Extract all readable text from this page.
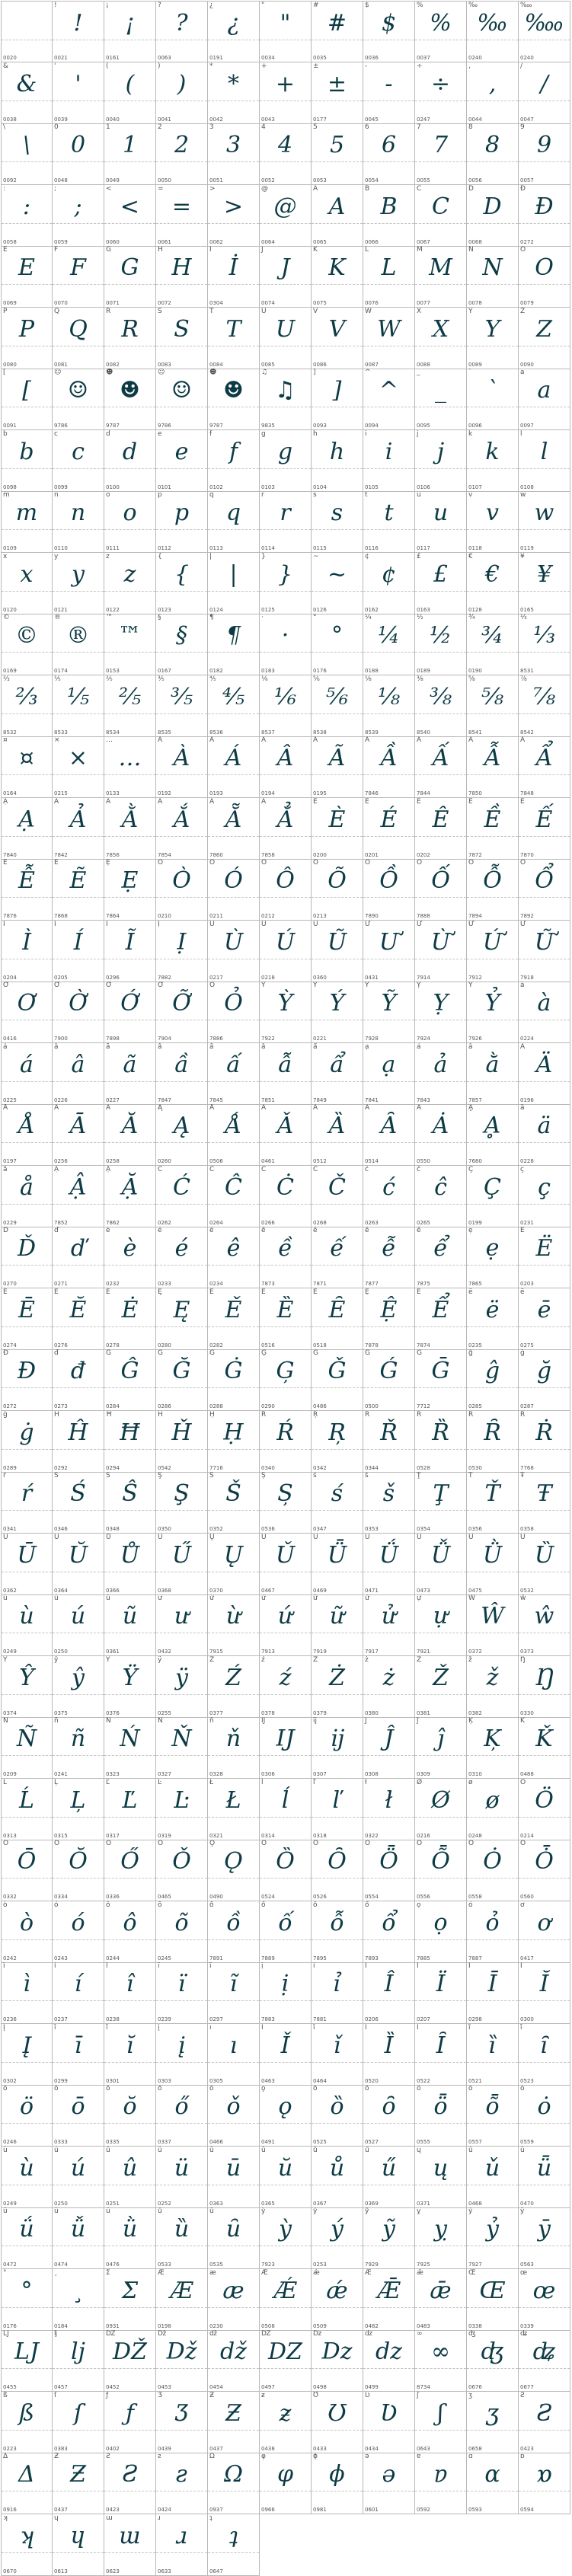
0020
!
!
0021
¡
¡
0161
?
?
0063
¿
¿
0191
"
"
0034
#
#
0035
$
$
0036
%
%
0037
‰
‰
0240
‱
‱
0240
&
&
0038
'
'
0039
(
(
0040
)
)
0041
*
*
0042
+
+
0043
±
±
0177
-
-
0045
÷
÷
0247
,
,
0044
/
/
0047
\
\
0092
0
0
0048
1
1
0049
2
2
0050
3
3
0051
4
4
0052
5
5
0053
6
6
0054
7
7
0055
8
8
0056
9
9
0057
:
:
0058
;
;
0059
<
<
0060
=
=
0061
>
>
0062
@
@
0064
A
A
0065
B
B
0066
C
C
0067
D
D
0068
Đ
Đ
0272
E
E
0069
F
F
0070
G
G
0071
H
H
0072
İ
İ
0304
J
J
0074
K
K
0075
L
L
0076
M
M
0077
N
N
0078
O
O
0079
P
P
0080
Q
Q
0081
R
R
0082
S
S
0083
T
T
0084
U
U
0085
V
V
0086
W
W
0087
X
X
0088
Y
Y
0089
Z
Z
0090
[
[
0091
☺
☺
9786
☻
☻
9787
☺
☺
9786
☻
☻
9787
♫
♫
9835
]
]
0093
^
^
0094
_
_
0095
`
`
0096
a
a
0097
b
b
0098
c
c
0099
d
d
0100
e
e
0101
f
f
0102
g
g
0103
h
h
0104
i
i
0105
j
j
0106
k
k
0107
l
l
0108
m
m
0109
n
n
0110
o
o
0111
p
p
0112
q
q
0113
r
r
0114
s
s
0115
t
t
0116
u
u
0117
v
v
0118
w
w
0119
x
x
0120
y
y
0121
z
z
0122
{
{
0123
|
|
0124
}
}
0125
~
~
0126
¢
¢
0162
£
£
0163
€
€
0128
¥
¥
0165
©
©
0169
®
®
0174
™
™
0153
§
§
0167
¶
¶
0182
·
·
0183
°
°
0176
¼
¼
0188
½
½
0189
¾
¾
0190
⅓
⅓
8531
⅔
⅔
8532
⅕
⅕
8533
⅖
⅖
8534
⅗
⅗
8535
⅘
⅘
8536
⅙
⅙
8537
⅚
⅚
8538
⅛
⅛
8539
⅜
⅜
8540
⅝
⅝
8541
⅞
⅞
8542
¤
¤
0164
×
×
0215
…
…
0133
À
À
0192
Á
Á
0193
Â
Â
0194
Ã
Ã
0195
Ầ
Ầ
7846
Ấ
Ấ
7844
Ẫ
Ẫ
7850
Ẩ
Ẩ
7848
Ạ
Ạ
7840
Ả
Ả
7842
Ằ
Ằ
7856
Ắ
Ắ
7854
Ẵ
Ẵ
7860
Ẳ
Ẳ
7858
È
È
0200
É
É
0201
Ê
Ê
0202
Ề
Ề
7872
Ế
Ế
7870
Ễ
Ễ
7876
Ẽ
Ẽ
7868
Ẹ
Ẹ
7864
Ò
Ò
0210
Ó
Ó
0211
Ô
Ô
0212
Õ
Õ
0213
Ồ
Ồ
7890
Ố
Ố
7888
Ỗ
Ỗ
7894
Ổ
Ổ
7892
Ì
Ì
0204
Í
Í
0205
Ĩ
Ĩ
0296
Ị
Ị
7882
Ù
Ù
0217
Ú
Ú
0218
Ũ
Ũ
0360
Ư
Ư
0431
Ừ
Ừ
7914
Ứ
Ứ
7912
Ữ
Ữ
7918
Ơ
Ơ
0416
Ờ
Ờ
7900
Ớ
Ớ
7898
Ỡ
Ỡ
7904
Ỏ
Ỏ
7886
Ỳ
Ỳ
7922
Ý
Ý
0221
Ỹ
Ỹ
7928
Ỵ
Ỵ
7924
Ỷ
Ỷ
7926
à
à
0224
á
á
0225
â
â
0226
ã
ã
0227
ầ
ầ
7847
ấ
ấ
7845
ẫ
ẫ
7851
ẩ
ẩ
7849
ạ
ạ
7841
ả
ả
7843
ằ
ằ
7857
Ä
Ä
0196
Å
Å
0197
Ā
Ā
0256
Ă
Ă
0258
Ą
Ą
0260
Ǻ
Ǻ
0506
Ǎ
Ǎ
0461
Ȁ
Ȁ
0512
Ȃ
Ȃ
0514
Ȧ
Ȧ
0550
Ḁ
Ḁ
7680
ä
ä
0228
å
å
0229
Ậ
Ậ
7852
Ặ
Ặ
7862
Ć
Ć
0262
Ĉ
Ĉ
0264
Ċ
Ċ
0266
Č
Č
0268
ć
ć
0263
ĉ
ĉ
0265
Ç
Ç
0199
ç
ç
0231
Ď
Ď
0270
ď
ď
0271
è
è
0232
é
é
0233
ê
ê
0234
ề
ề
7873
ế
ế
7871
ễ
ễ
7877
ể
ể
7875
ẹ
ẹ
7865
Ë
Ë
0203
Ē
Ē
0274
Ĕ
Ĕ
0276
Ė
Ė
0278
Ę
Ę
0280
Ě
Ě
0282
Ȅ
Ȅ
0516
Ȇ
Ȇ
0518
Ệ
Ệ
7878
Ể
Ể
7874
ë
ë
0235
ē
ē
0275
Đ
Đ
0272
đ
đ
0273
Ĝ
Ĝ
0284
Ğ
Ğ
0286
Ġ
Ġ
0288
Ģ
Ģ
0290
Ǧ
Ǧ
0486
Ǵ
Ǵ
0500
Ḡ
Ḡ
7712
ĝ
ĝ
0285
ğ
ğ
0287
ġ
ġ
0289
Ĥ
Ĥ
0292
Ħ
Ħ
0294
Ȟ
Ȟ
0542
Ḥ
Ḥ
7716
Ŕ
Ŕ
0340
Ŗ
Ŗ
0342
Ř
Ř
0344
Ȑ
Ȑ
0528
Ȓ
Ȓ
0530
Ṙ
Ṙ
7768
ŕ
ŕ
0341
Ś
Ś
0346
Ŝ
Ŝ
0348
Ş
Ş
0350
Š
Š
0352
Ș
Ș
0536
ś
ś
0347
š
š
0353
Ţ
Ţ
0354
Ť
Ť
0356
Ŧ
Ŧ
0358
Ū
Ū
0362
Ŭ
Ŭ
0364
Ů
Ů
0366
Ű
Ű
0368
Ų
Ų
0370
Ǔ
Ǔ
0467
Ǖ
Ǖ
0469
Ǘ
Ǘ
0471
Ǚ
Ǚ
0473
Ǜ
Ǜ
0475
Ȕ
Ȕ
0532
ù
ù
0249
ú
ú
0250
ũ
ũ
0361
ư
ư
0432
ừ
ừ
7915
ứ
ứ
7913
ữ
ữ
7919
ử
ử
7917
ự
ự
7921
Ŵ
Ŵ
0372
ŵ
ŵ
0373
Ŷ
Ŷ
0374
ŷ
ŷ
0375
Ÿ
Ÿ
0376
ÿ
ÿ
0255
Ź
Ź
0377
ź
ź
0378
Ż
Ż
0379
ż
ż
0380
Ž
Ž
0381
ž
ž
0382
Ŋ
Ŋ
0330
Ñ
Ñ
0209
ñ
ñ
0241
Ń
Ń
0323
Ň
Ň
0327
ň
ň
0328
Ĳ
Ĳ
0306
ĳ
ĳ
0307
Ĵ
Ĵ
0308
ĵ
ĵ
0309
Ķ
Ķ
0310
Ǩ
Ǩ
0488
Ĺ
Ĺ
0313
Ļ
Ļ
0315
Ľ
Ľ
0317
Ŀ
Ŀ
0319
Ł
Ł
0321
ĺ
ĺ
0314
ľ
ľ
0318
ł
ł
0322
Ø
Ø
0216
ø
ø
0248
Ö
Ö
0214
Ō
Ō
0332
Ŏ
Ŏ
0334
Ő
Ő
0336
Ǒ
Ǒ
0465
Ǫ
Ǫ
0490
Ȍ
Ȍ
0524
Ȏ
Ȏ
0526
Ȫ
Ȫ
0554
Ȭ
Ȭ
0556
Ȯ
Ȯ
0558
Ȱ
Ȱ
0560
ò
ò
0242
ó
ó
0243
ô
ô
0244
õ
õ
0245
ồ
ồ
7891
ố
ố
7889
ỗ
ỗ
7895
ổ
ổ
7893
ọ
ọ
7885
ỏ
ỏ
7887
ơ
ơ
0417
ì
ì
0236
í
í
0237
î
î
0238
ï
ï
0239
ĩ
ĩ
0297
ị
ị
7883
ỉ
ỉ
7881
Î
Î
0206
Ï
Ï
0207
Ī
Ī
0298
Ĭ
Ĭ
0300
Į
Į
0302
ī
ī
0299
ĭ
ĭ
0301
į
į
0303
ı
ı
0305
Ǐ
Ǐ
0463
ǐ
ǐ
0464
Ȉ
Ȉ
0520
Ȋ
Ȋ
0522
ȉ
ȉ
0521
ȋ
ȋ
0523
ö
ö
0246
ō
ō
0333
ŏ
ŏ
0335
ő
ő
0337
ǒ
ǒ
0466
ǫ
ǫ
0491
ȍ
ȍ
0525
ȏ
ȏ
0527
ȫ
ȫ
0555
ȭ
ȭ
0557
ȯ
ȯ
0559
ù
ù
0249
ú
ú
0250
û
û
0251
ü
ü
0252
ū
ū
0363
ŭ
ŭ
0365
ů
ů
0367
ű
ű
0369
ų
ų
0371
ǔ
ǔ
0468
ǖ
ǖ
0470
ǘ
ǘ
0472
ǚ
ǚ
0474
ǜ
ǜ
0476
ȕ
ȕ
0533
ȗ
ȗ
0535
ỳ
ỳ
7923
ý
ý
0253
ỹ
ỹ
7929
ỵ
ỵ
7925
ỷ
ỷ
7927
ȳ
ȳ
0563
°
°
0176
¸
¸
0184
Σ
Σ
0931
Æ
Æ
0198
æ
æ
0230
Ǽ
Ǽ
0508
ǽ
ǽ
0509
Ǣ
Ǣ
0482
ǣ
ǣ
0483
Œ
Œ
0338
œ
œ
0339
Ǉ
Ǉ
0455
ǉ
ǉ
0457
Ǆ
Ǆ
0452
ǅ
ǅ
0453
ǆ
ǆ
0454
Ǳ
Ǳ
0497
ǲ
ǲ
0498
ǳ
ǳ
0499
∞
∞
8734
ʤ
ʤ
0676
ʥ
ʥ
0677
ß
ß
0223
ſ
ſ
0383
ƒ
ƒ
0402
Ʒ
Ʒ
0439
Ƶ
Ƶ
0437
ƶ
ƶ
0438
Ʊ
Ʊ
0433
Ʋ
Ʋ
0434
ʃ
ʃ
0643
ʒ
ʒ
0658
Ƨ
Ƨ
0423
Δ
Δ
0916
Ƶ
Ƶ
0437
Ƨ
Ƨ
0423
ƨ
ƨ
0424
Ω
Ω
0937
φ
φ
0966
ϕ
ϕ
0981
ə
ə
0601
ɐ
ɐ
0592
ɑ
ɑ
0593
ɒ
ɒ
0594
ʞ
ʞ
0670
ɥ
ɥ
0613
ɯ
ɯ
0623
ɹ
ɹ
0633
ʇ
ʇ
0647
